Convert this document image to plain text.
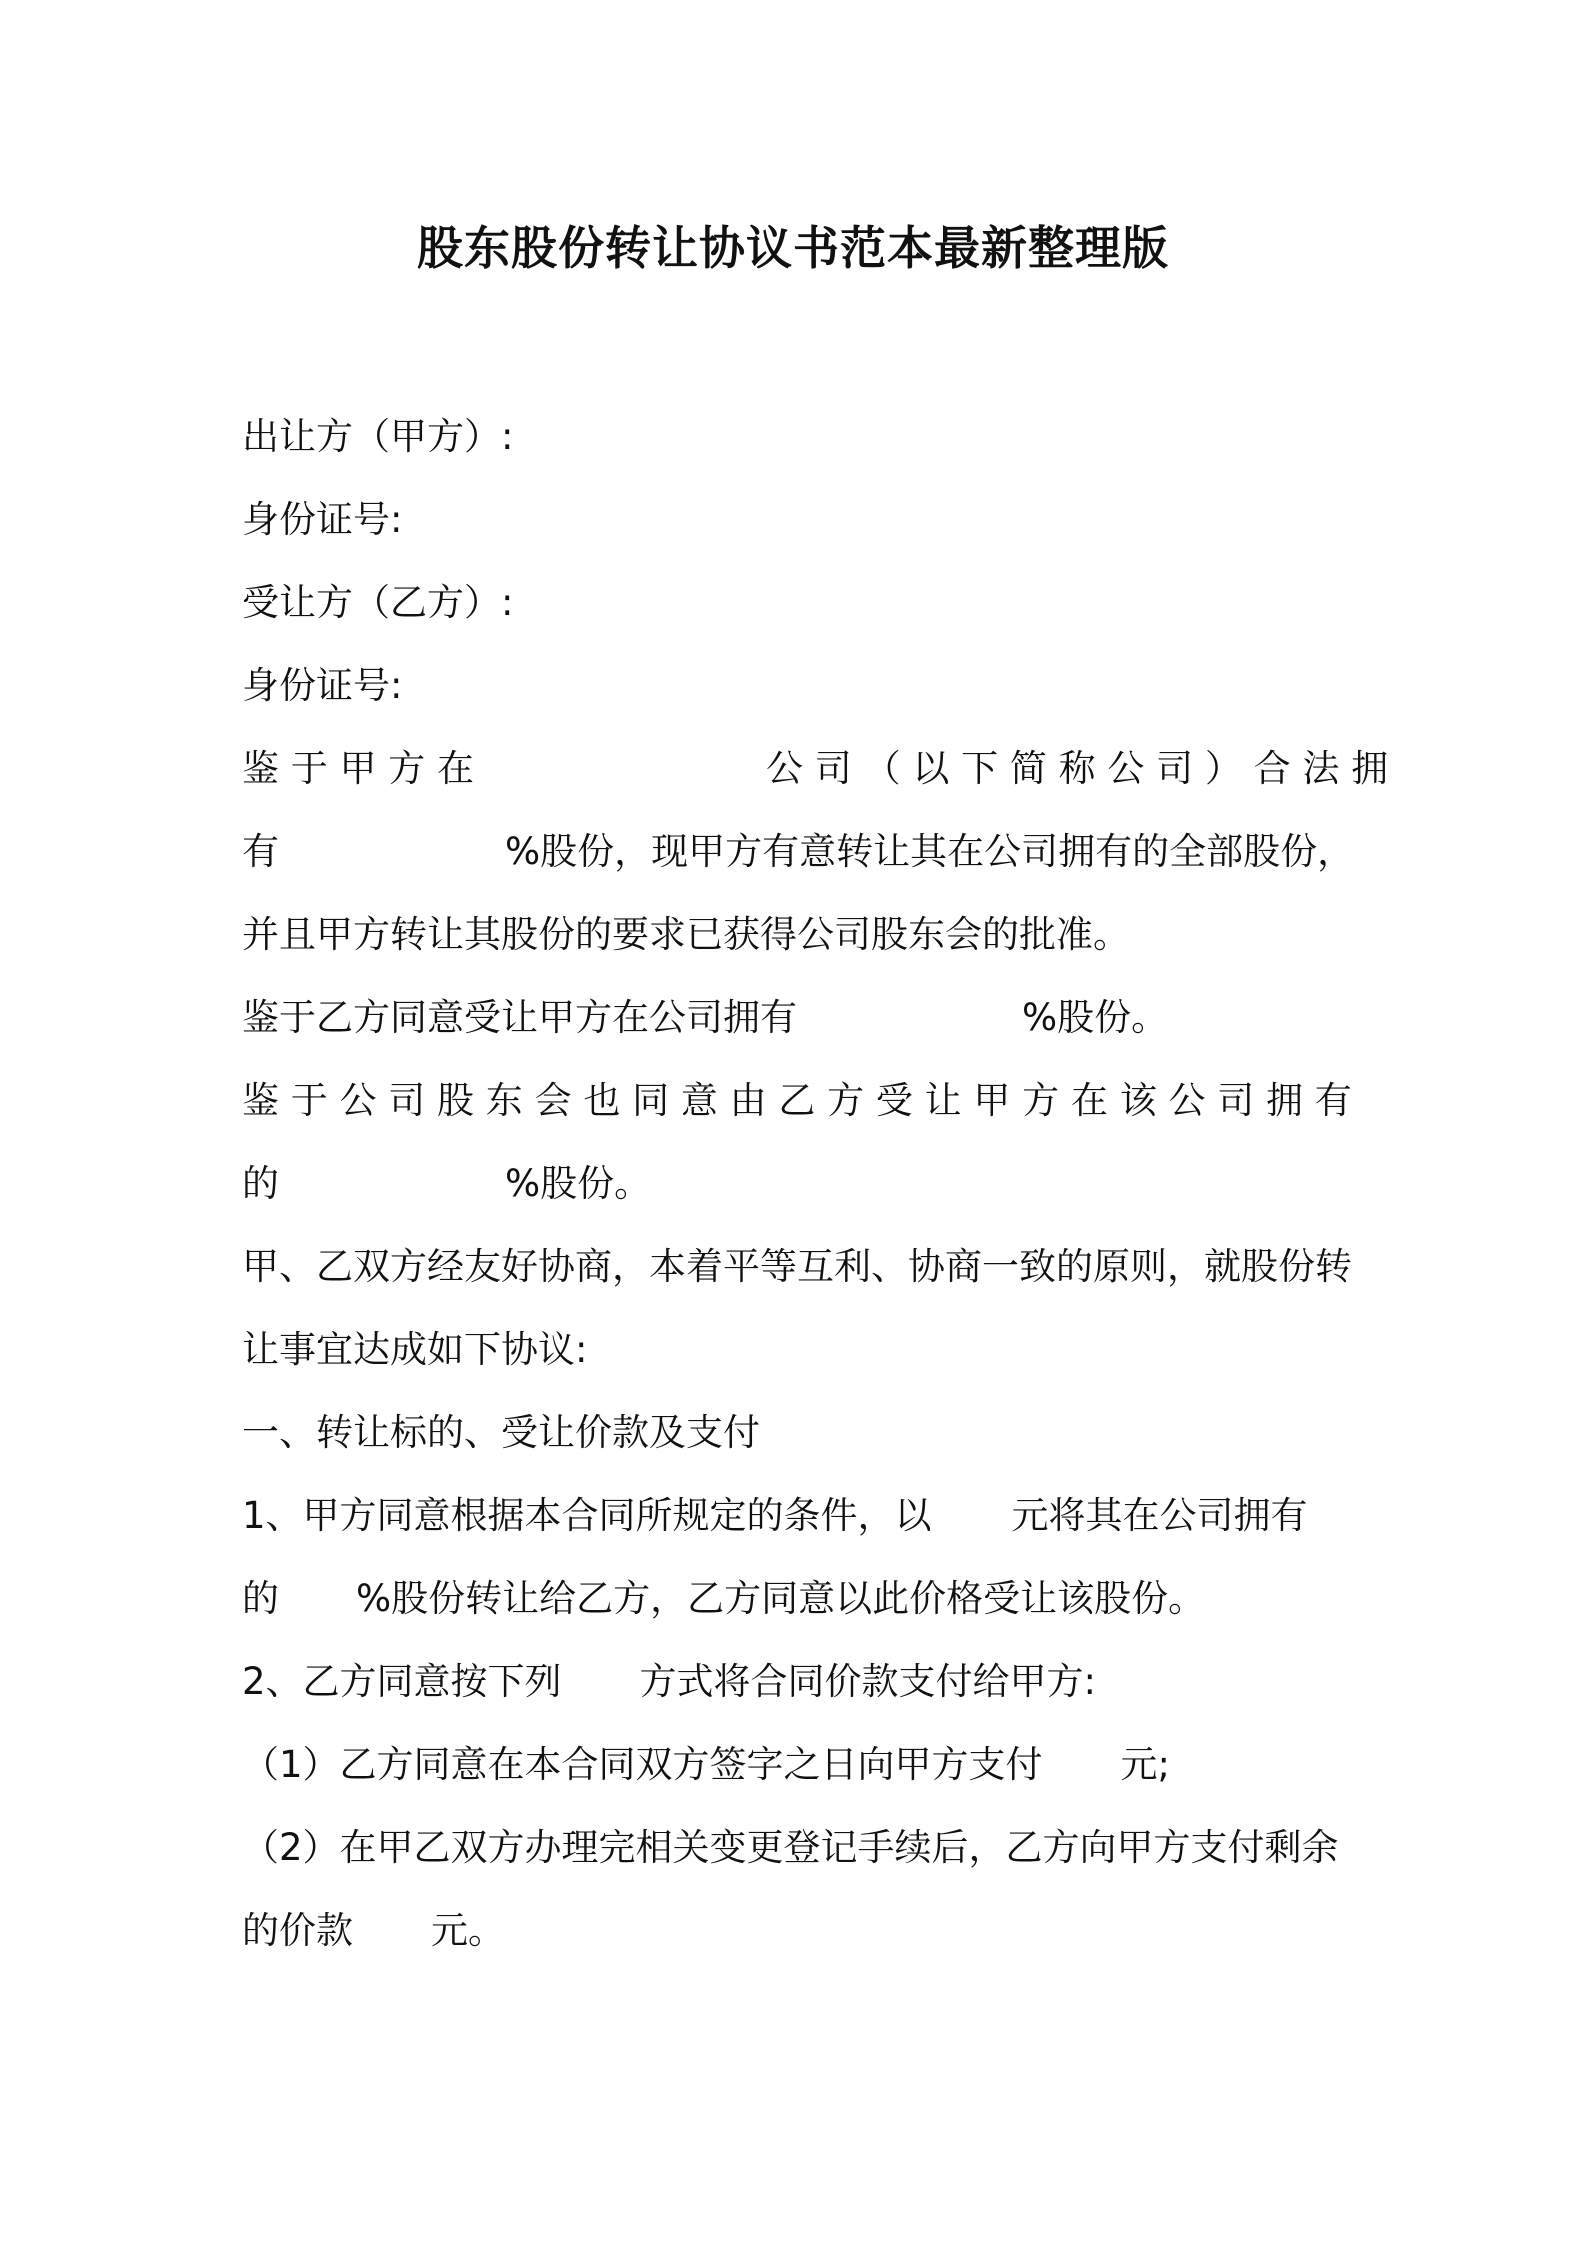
股东股份转让协议书范本最新整理版
出让方（甲方）:
身份证号:
受让方（乙方）:
身份证号:
鉴 于 甲 方 在	公 司 （ 以 下 简 称 公 司 ） 合 法 拥
有	%股份，现甲方有意转让其在公司拥有的全部股份，
并且甲方转让其股份的要求已获得公司股东会的批准。
鉴于乙方同意受让甲方在公司拥有	%股份。
鉴 于 公 司 股 东 会 也 同 意 由 乙 方 受 让 甲 方 在 该 公 司 拥 有
的	%股份。
甲、乙双方经友好协商，本着平等互利、协商一致的原则，就股份转
让事宜达成如下协议:
一、转让标的、受让价款及支付
1、甲方同意根据本合同所规定的条件，以 元将其在公司拥有
的 %股份转让给乙方，乙方同意以此价格受让该股份。
2、乙方同意按下列 方式将合同价款支付给甲方:
（1）乙方同意在本合同双方签字之日向甲方支付 元;
（2）在甲乙双方办理完相关变更登记手续后，乙方向甲方支付剩余
的价款 元。
